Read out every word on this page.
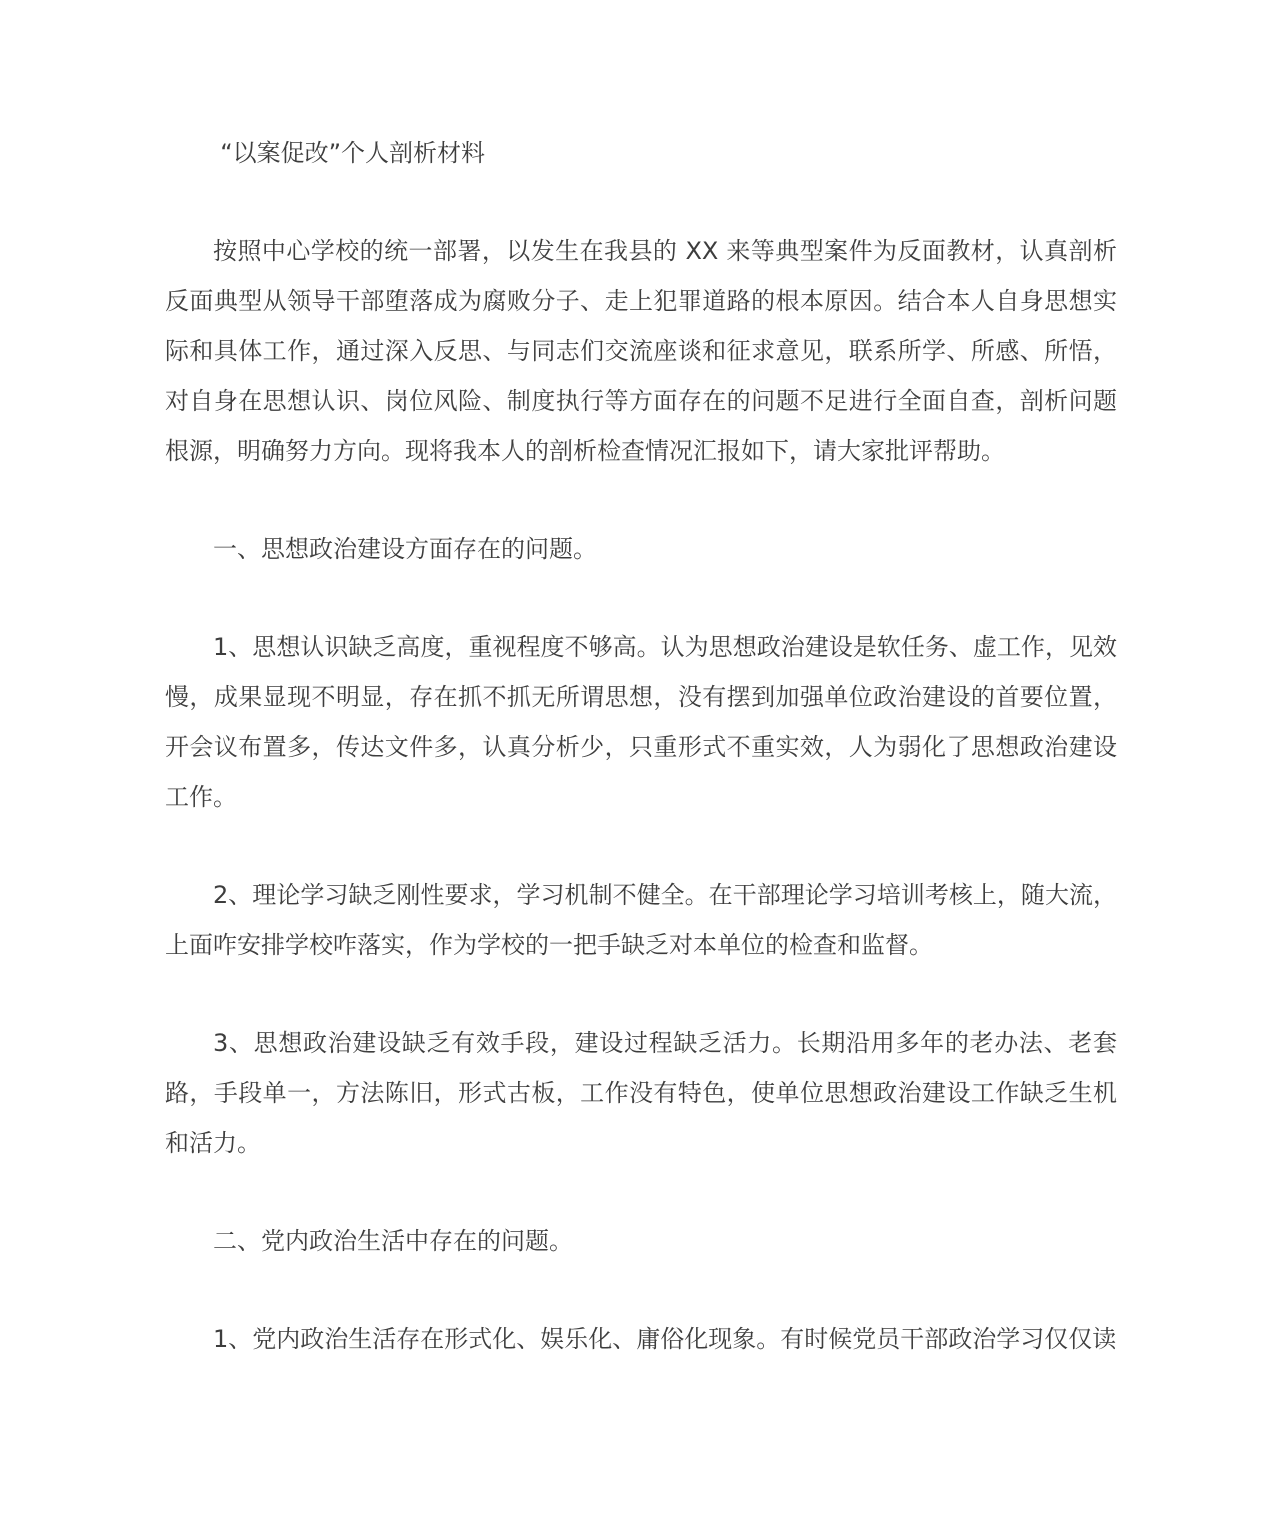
“以案促改”个人剖析材料

按照中心学校的统一部署，以发生在我县的 XX 来等典型案件为反面教材，认真剖析反面典型从领导干部堕落成为腐败分子、走上犯罪道路的根本原因。结合本人自身思想实际和具体工作，通过深入反思、与同志们交流座谈和征求意见，联系所学、所感、所悟，对自身在思想认识、岗位风险、制度执行等方面存在的问题不足进行全面自查，剖析问题根源，明确努力方向。现将我本人的剖析检查情况汇报如下，请大家批评帮助。

一、思想政治建设方面存在的问题。

1、思想认识缺乏高度，重视程度不够高。认为思想政治建设是软任务、虚工作，见效慢，成果显现不明显，存在抓不抓无所谓思想，没有摆到加强单位政治建设的首要位置，开会议布置多，传达文件多，认真分析少，只重形式不重实效，人为弱化了思想政治建设工作。

2、理论学习缺乏刚性要求，学习机制不健全。在干部理论学习培训考核上，随大流，上面咋安排学校咋落实，作为学校的一把手缺乏对本单位的检查和监督。

3、思想政治建设缺乏有效手段，建设过程缺乏活力。长期沿用多年的老办法、老套路，手段单一，方法陈旧，形式古板，工作没有特色，使单位思想政治建设工作缺乏生机和活力。

二、党内政治生活中存在的问题。

1、党内政治生活存在形式化、娱乐化、庸俗化现象。有时候党员干部政治学习仅仅读
